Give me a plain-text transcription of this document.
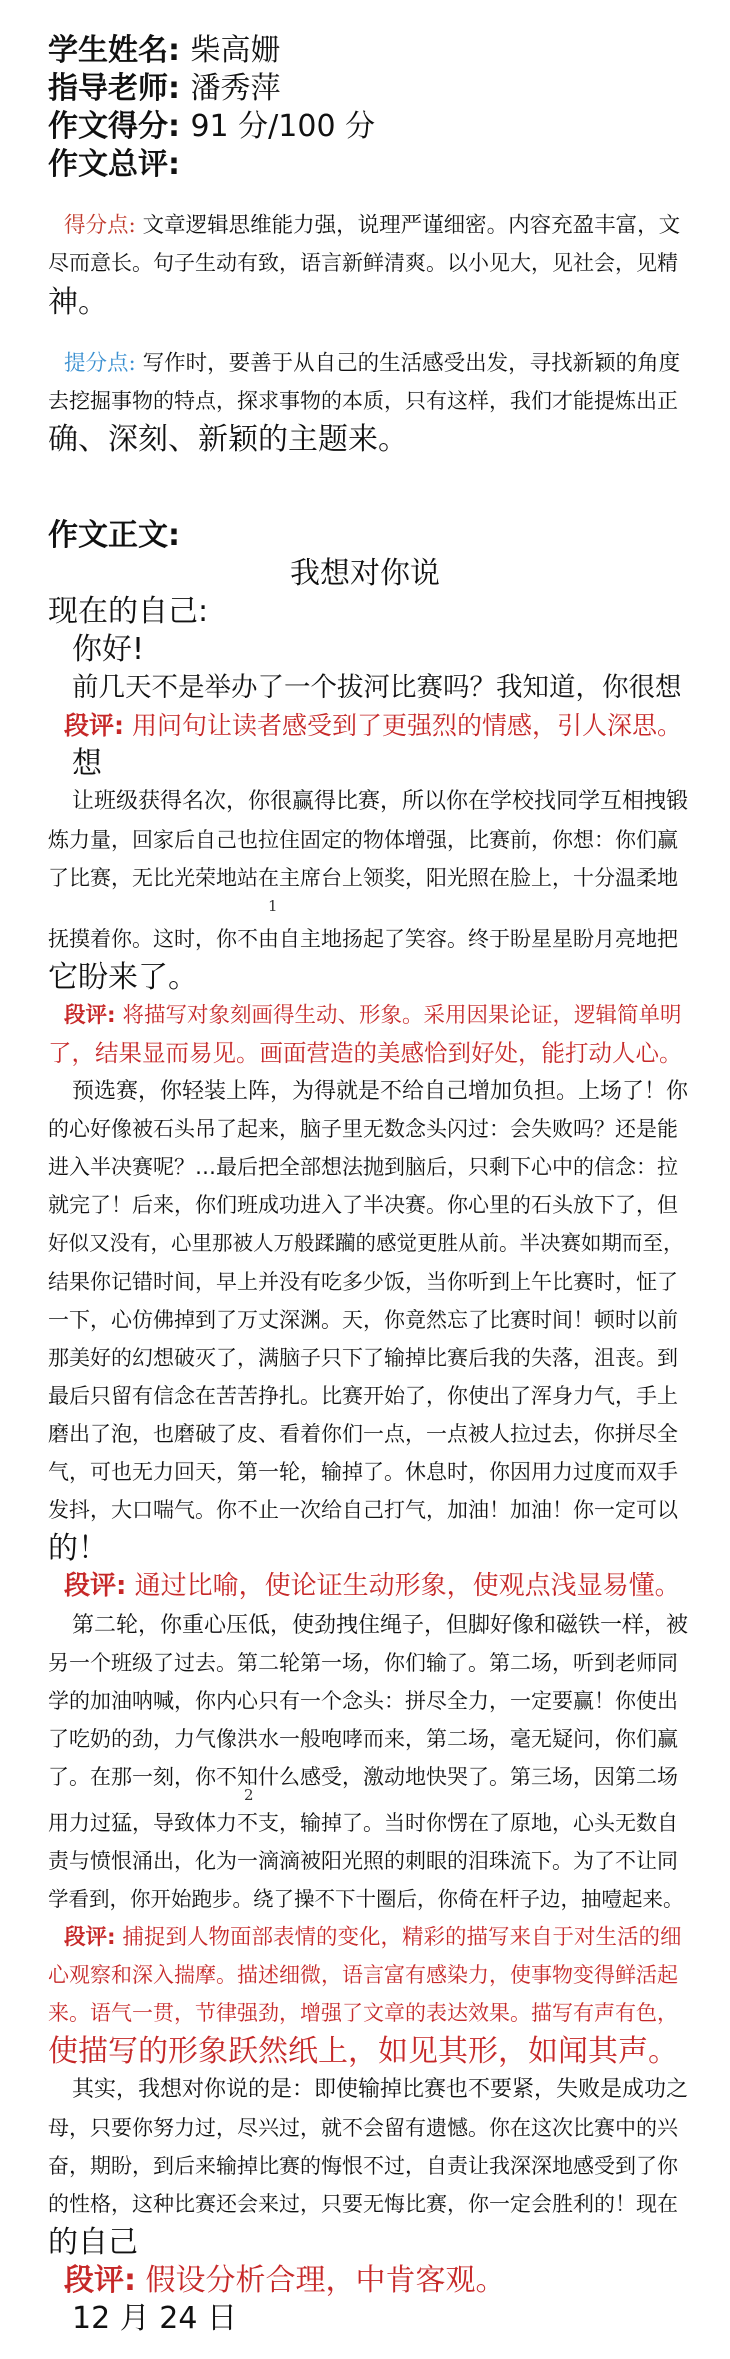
学生姓名: 柴高姗
指导老师: 潘秀萍
作文得分: 91 分/100 分
作文总评:
得分点: 文章逻辑思维能力强，说理严谨细密。内容充盈丰富，文
尽而意长。句子生动有致，语言新鲜清爽。以小见大，见社会，见精
神。
提分点: 写作时，要善于从自己的生活感受出发，寻找新颖的角度
去挖掘事物的特点，探求事物的本质，只有这样，我们才能提炼出正
确、深刻、新颖的主题来。
作文正文:
我想对你说
现在的自己:
你好!
前几天不是举办了一个拔河比赛吗？我知道，你很想
段评: 用问句让读者感受到了更强烈的情感，引人深思。
想
让班级获得名次，你很赢得比赛，所以你在学校找同学互相拽锻
炼力量，回家后自己也拉住固定的物体增强，比赛前，你想：你们赢
了比赛，无比光荣地站在主席台上领奖，阳光照在脸上，十分温柔地
1
抚摸着你。这时，你不由自主地扬起了笑容。终于盼星星盼月亮地把
它盼来了。
段评: 将描写对象刻画得生动、形象。采用因果论证，逻辑简单明
了，结果显而易见。画面营造的美感恰到好处，能打动人心。
预选赛，你轻装上阵，为得就是不给自己增加负担。上场了！你
的心好像被石头吊了起来，脑子里无数念头闪过：会失败吗？还是能
进入半决赛呢？…最后把全部想法抛到脑后，只剩下心中的信念：拉
就完了！后来，你们班成功进入了半决赛。你心里的石头放下了，但
好似又没有，心里那被人万般蹂躏的感觉更胜从前。半决赛如期而至，
结果你记错时间，早上并没有吃多少饭，当你听到上午比赛时，怔了
一下，心仿佛掉到了万丈深渊。天，你竟然忘了比赛时间！顿时以前
那美好的幻想破灭了，满脑子只下了输掉比赛后我的失落，沮丧。到
最后只留有信念在苦苦挣扎。比赛开始了，你使出了浑身力气，手上
磨出了泡，也磨破了皮、看着你们一点，一点被人拉过去，你拼尽全
气，可也无力回天，第一轮，输掉了。休息时，你因用力过度而双手
发抖，大口喘气。你不止一次给自己打气，加油！加油！你一定可以
的！
段评: 通过比喻，使论证生动形象，使观点浅显易懂。
第二轮，你重心压低，使劲拽住绳子，但脚好像和磁铁一样，被
另一个班级了过去。第二轮第一场，你们输了。第二场，听到老师同
学的加油呐喊，你内心只有一个念头：拼尽全力，一定要赢！你使出
了吃奶的劲，力气像洪水一般咆哮而来，第二场，毫无疑问，你们赢
了。在那一刻，你不知什么感受，激动地快哭了。第三场，因第二场
2
用力过猛，导致体力不支，输掉了。当时你愣在了原地，心头无数自
责与愤恨涌出，化为一滴滴被阳光照的刺眼的泪珠流下。为了不让同
学看到，你开始跑步。绕了操不下十圈后，你倚在杆子边，抽噎起来。
段评: 捕捉到人物面部表情的变化，精彩的描写来自于对生活的细
心观察和深入揣摩。描述细微，语言富有感染力，使事物变得鲜活起
来。语气一贯，节律强劲，增强了文章的表达效果。描写有声有色，
使描写的形象跃然纸上，如见其形，如闻其声。
其实，我想对你说的是：即使输掉比赛也不要紧，失败是成功之
母，只要你努力过，尽兴过，就不会留有遗憾。你在这次比赛中的兴
奋，期盼，到后来输掉比赛的悔恨不过，自责让我深深地感受到了你
的性格，这种比赛还会来过，只要无悔比赛，你一定会胜利的！现在
的自己
段评: 假设分析合理，中肯客观。
12 月 24 日
